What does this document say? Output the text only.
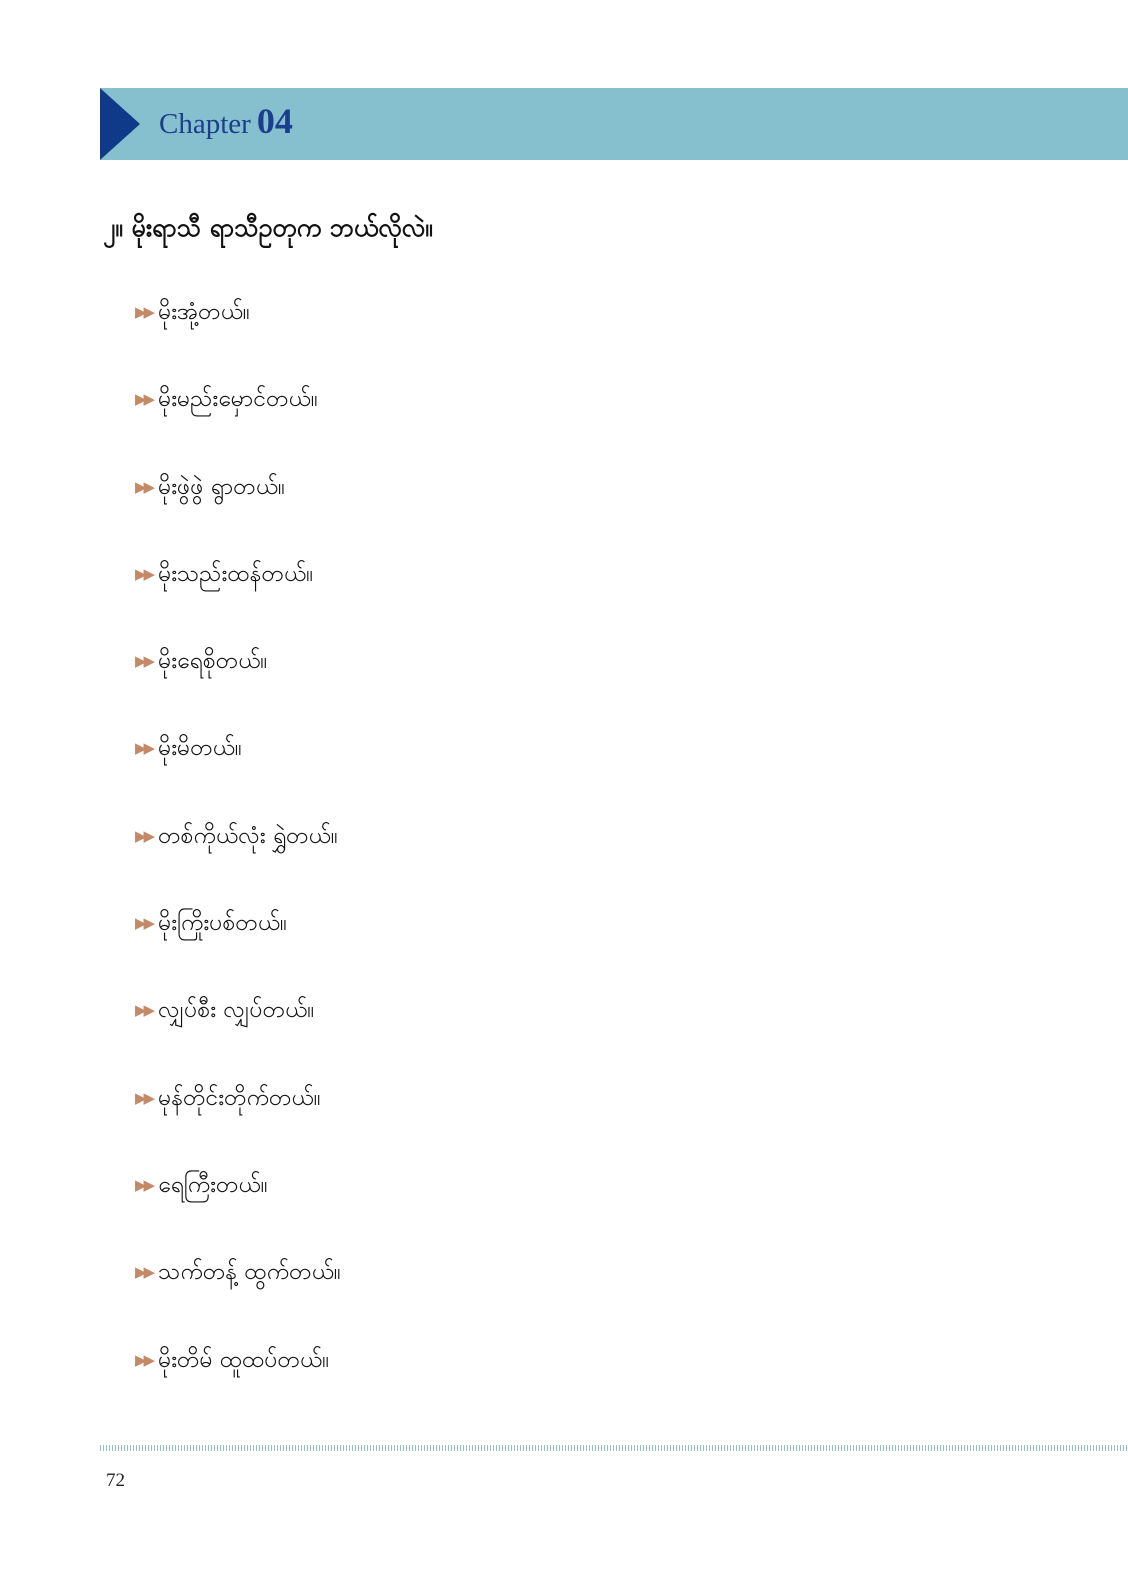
Chapter 04
၂။ မိုးရာသီ ရာသီဥတုက ဘယ်လိုလဲ။
▶▶ မိုးအုံ့တယ်။
▶▶ မိုးမည်းမှောင်တယ်။
▶▶ မိုးဖွဲဖွဲ ရွာတယ်။
▶▶ မိုးသည်းထန်တယ်။
▶▶ မိုးရေစိုတယ်။
▶▶ မိုးမိတယ်။
▶▶ တစ်ကိုယ်လုံး ရွှဲတယ်။
▶▶ မိုးကြိုးပစ်တယ်။
▶▶ လျှပ်စီး လျှပ်တယ်။
▶▶ မုန်တိုင်းတိုက်တယ်။
▶▶ ရေကြီးတယ်။
▶▶ သက်တန့် ထွက်တယ်။
▶▶ မိုးတိမ် ထူထပ်တယ်။
72
